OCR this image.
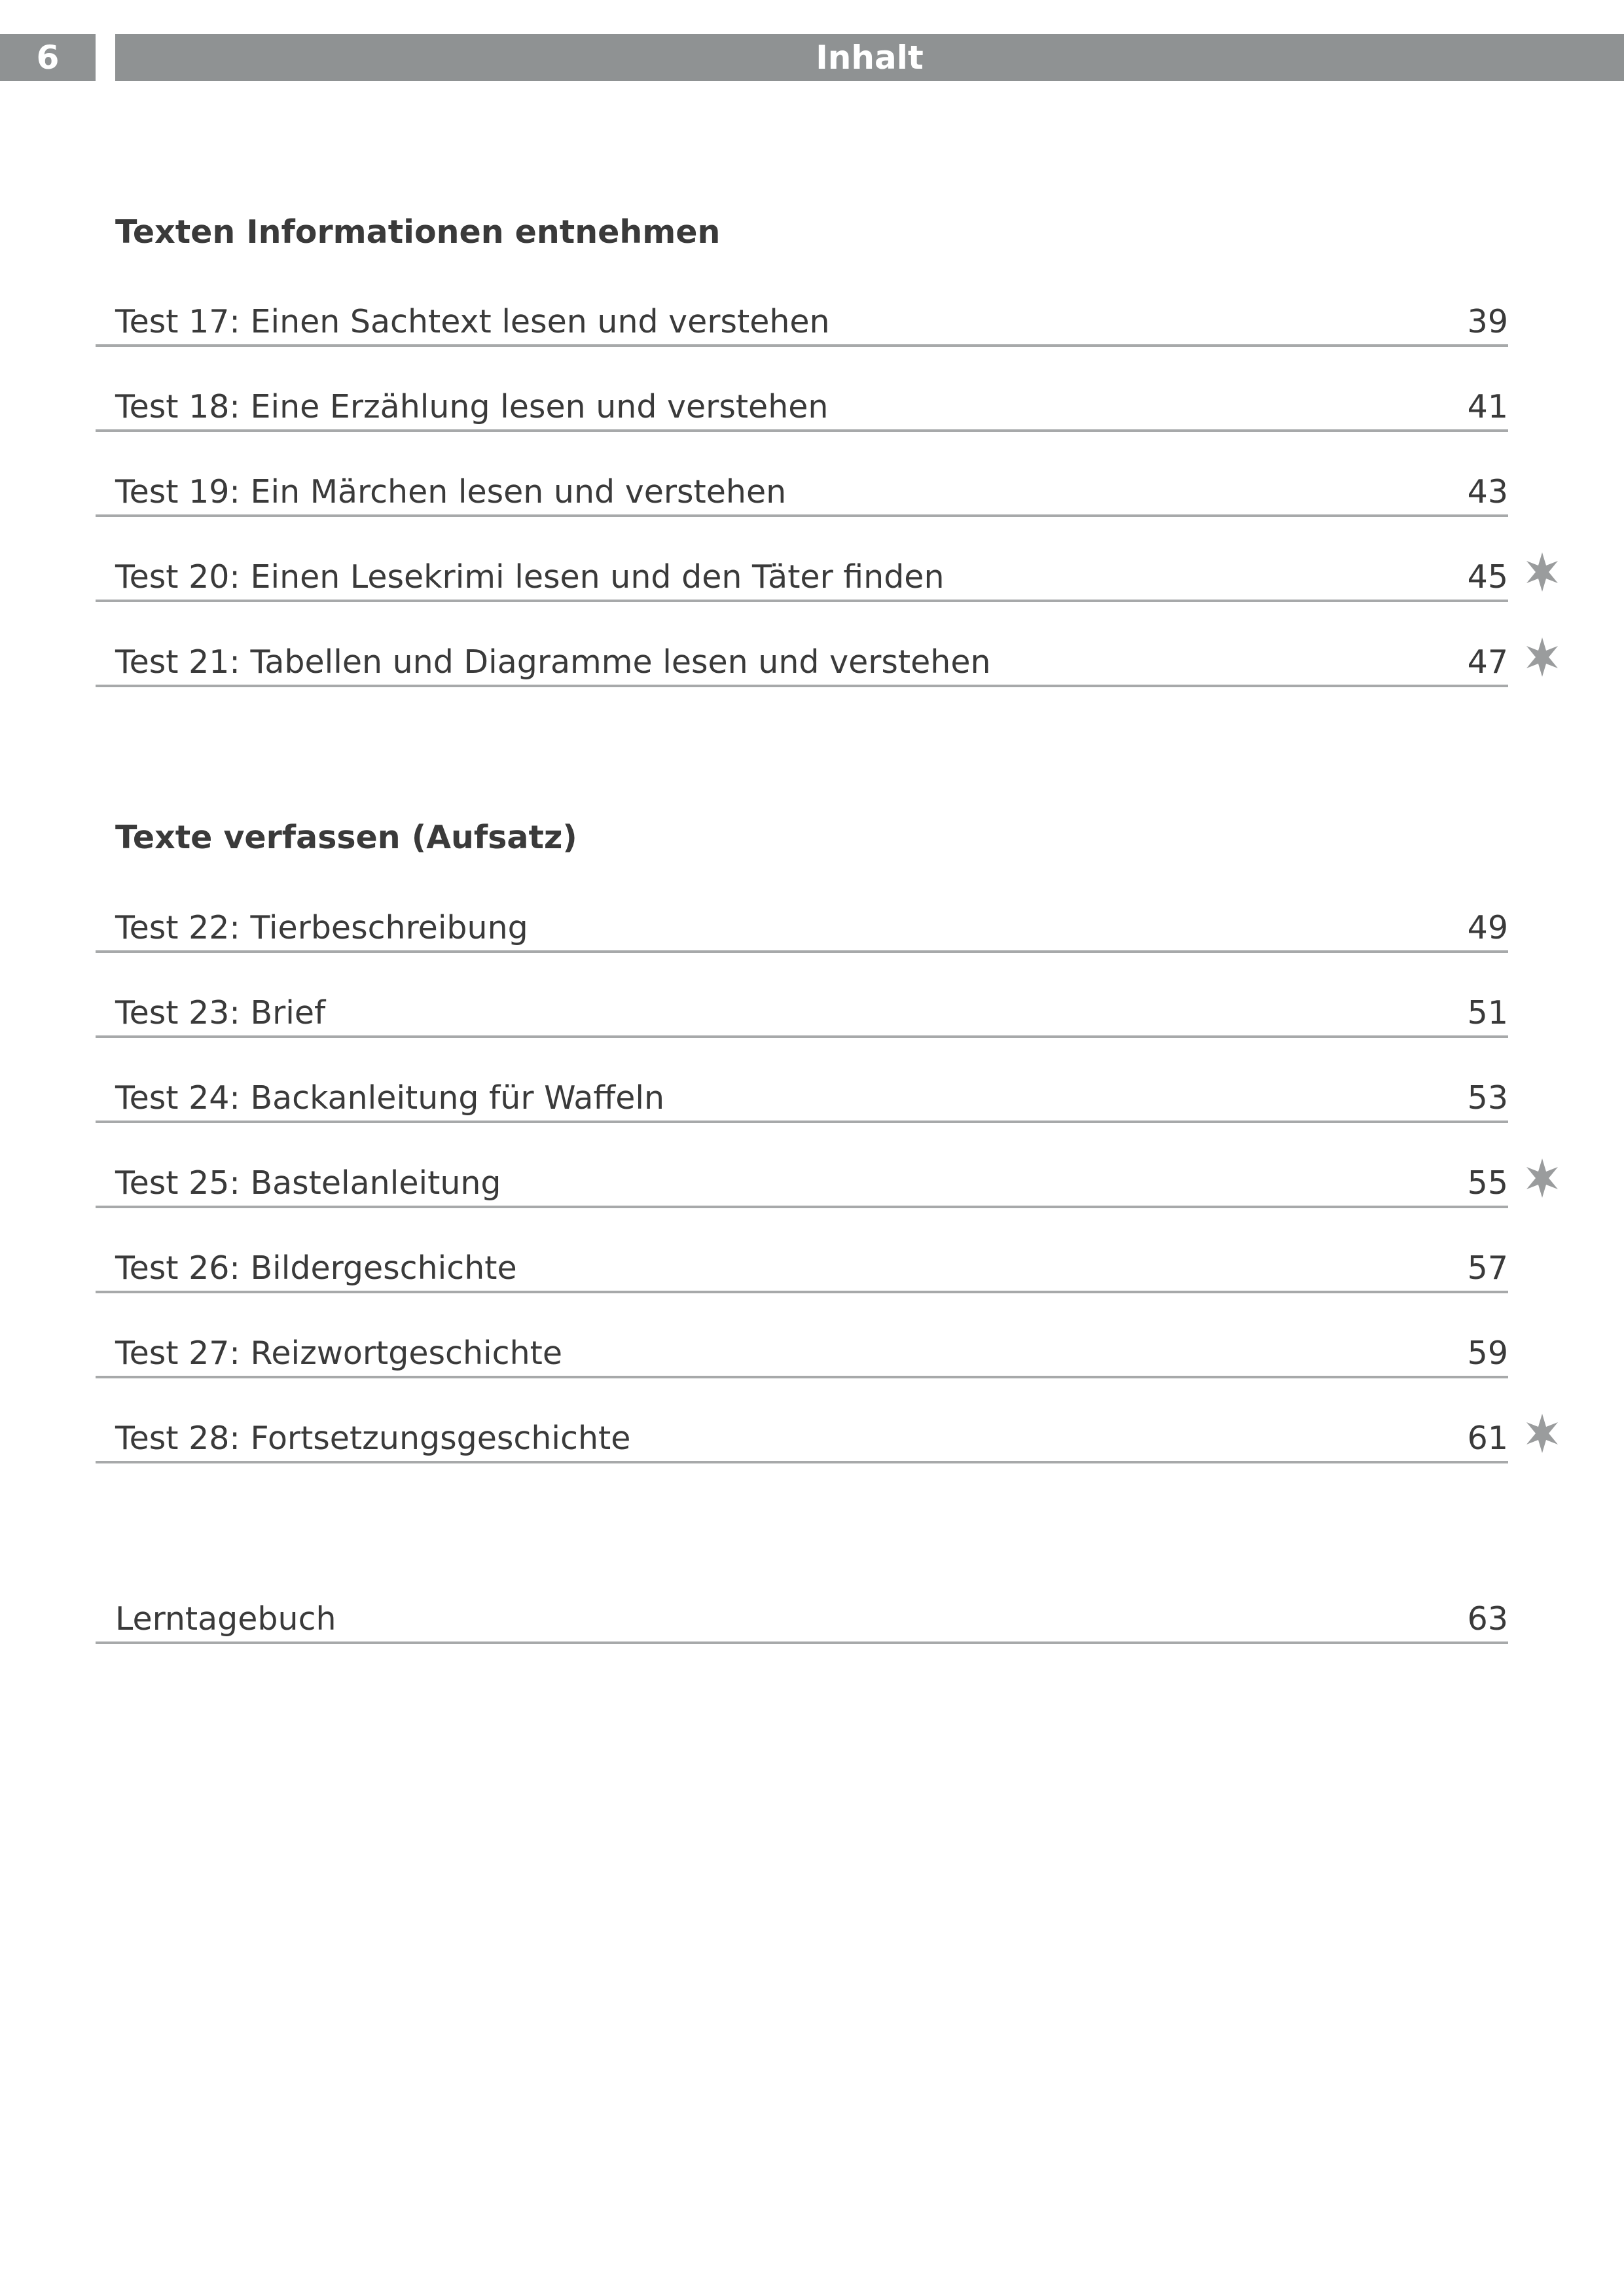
6	Inhalt
Texten Informationen entnehmen
Test 17: Einen Sachtext lesen und verstehen	39
Test 18: Eine Erzählung lesen und verstehen	41
Test 19: Ein Märchen lesen und verstehen	43
Test 20: Einen Lesekrimi lesen und den Täter finden	45
Test 21: Tabellen und Diagramme lesen und verstehen	47
Texte verfassen (Aufsatz)
Test 22: Tierbeschreibung	49
Test 23: Brief	51
Test 24: Backanleitung für Waffeln	53
Test 25: Bastelanleitung	55
Test 26: Bildergeschichte	57
Test 27: Reizwortgeschichte	59
Test 28: Fortsetzungsgeschichte	61
Lerntagebuch	63
